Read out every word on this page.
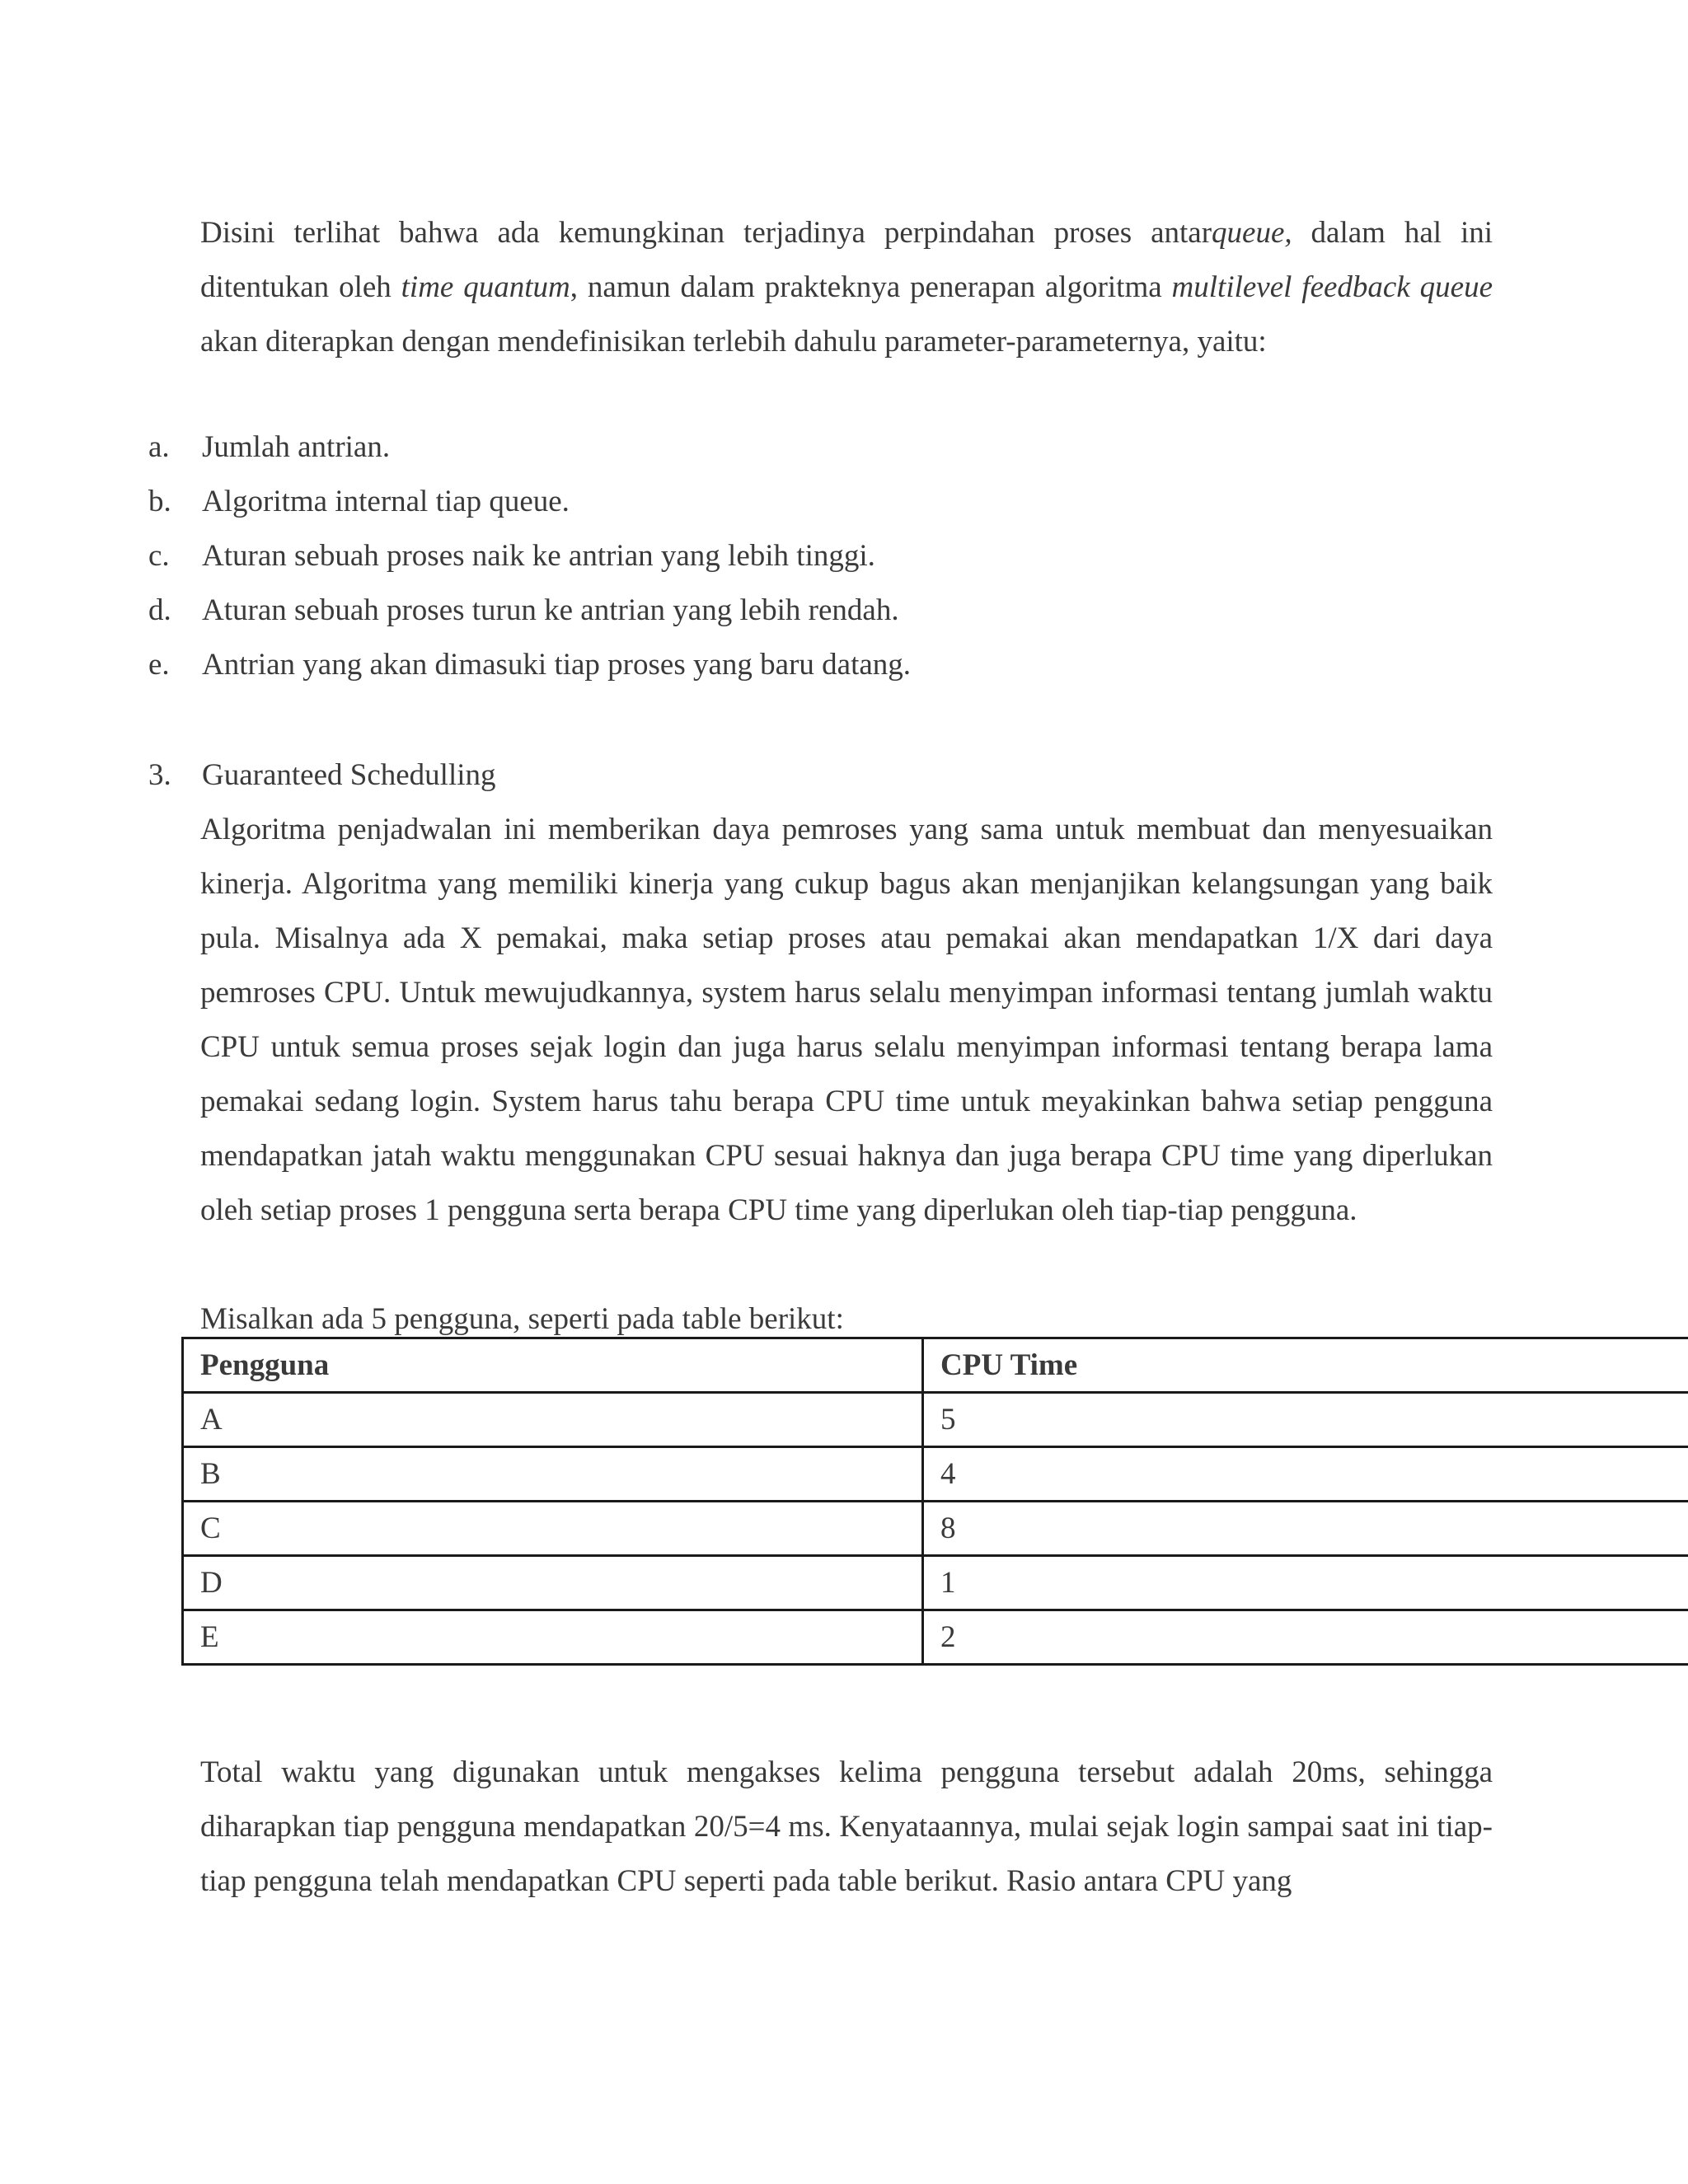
Disini terlihat bahwa ada kemungkinan terjadinya perpindahan proses antarqueue, dalam hal ini ditentukan oleh time quantum, namun dalam prakteknya penerapan algoritma multilevel feedback queue akan diterapkan dengan mendefinisikan terlebih dahulu parameter-parameternya, yaitu:

a. Jumlah antrian.
b. Algoritma internal tiap queue.
c. Aturan sebuah proses naik ke antrian yang lebih tinggi.
d. Aturan sebuah proses turun ke antrian yang lebih rendah.
e. Antrian yang akan dimasuki tiap proses yang baru datang.

3. Guaranteed Schedulling

Algoritma penjadwalan ini memberikan daya pemroses yang sama untuk membuat dan menyesuaikan kinerja. Algoritma yang memiliki kinerja yang cukup bagus akan menjanjikan kelangsungan yang baik pula. Misalnya ada X pemakai, maka setiap proses atau pemakai akan mendapatkan 1/X dari daya pemroses CPU. Untuk mewujudkannya, system harus selalu menyimpan informasi tentang jumlah waktu CPU untuk semua proses sejak login dan juga harus selalu menyimpan informasi tentang berapa lama pemakai sedang login. System harus tahu berapa CPU time untuk meyakinkan bahwa setiap pengguna mendapatkan jatah waktu menggunakan CPU sesuai haknya dan juga berapa CPU time yang diperlukan oleh setiap proses 1 pengguna serta berapa CPU time yang diperlukan oleh tiap-tiap pengguna.

Misalkan ada 5 pengguna, seperti pada table berikut:

Pengguna	CPU Time
A	5
B	4
C	8
D	1
E	2

Total waktu yang digunakan untuk mengakses kelima pengguna tersebut adalah 20ms, sehingga diharapkan tiap pengguna mendapatkan 20/5=4 ms. Kenyataannya, mulai sejak login sampai saat ini tiap-tiap pengguna telah mendapatkan CPU seperti pada table berikut. Rasio antara CPU yang
